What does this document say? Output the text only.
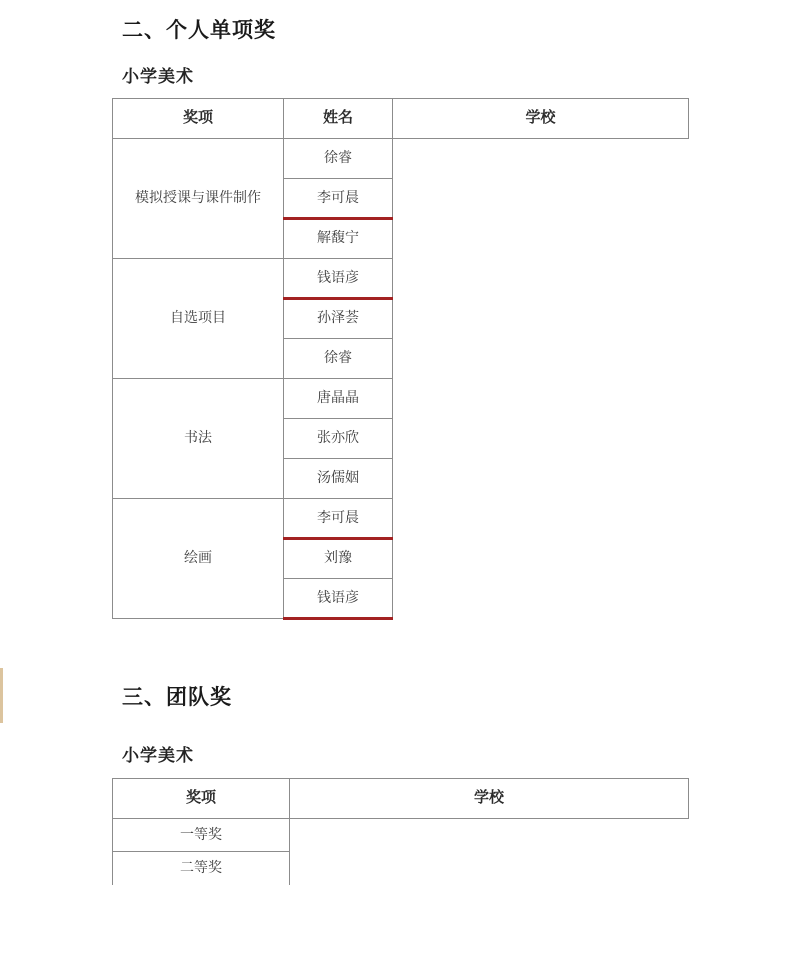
二、个人单项奖
小学美术
奖项	姓名	学校
模拟授课与课件制作	徐睿	
	李可晨	

	解馥宁	
自选项目	钱语彦	

	孙泽荟	
	徐睿	
书法	唐晶晶	
	张亦欣	
	汤儒姻	
绘画	李可晨	

	刘豫	
	钱语彦	
三、团队奖
小学美术
奖项	学校
一等奖

二等奖
